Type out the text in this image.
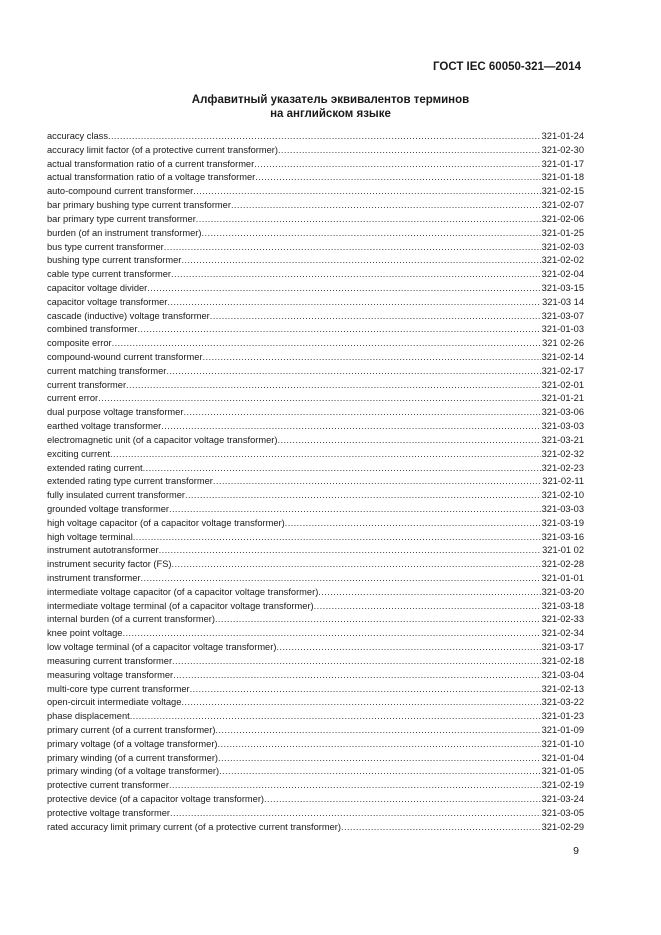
ГОСТ IEC 60050-321—2014
Алфавитный указатель эквивалентов терминов
на английском языке
accuracy class .....	321-01-24
accuracy limit factor (of a protective current transformer) .....	321-02-30
actual transformation ratio of a current transformer .....	321-01-17
actual transformation ratio of a voltage transformer .....	321-01-18
auto-compound current transformer .....	321-02-15
bar primary bushing type current transformer .....	321-02-07
bar primary type current transformer .....	321-02-06
burden (of an instrument transformer) .....	321-01-25
bus type current transformer .....	321-02-03
bushing type current transformer .....	321-02-02
cable type current transformer .....	321-02-04
capacitor voltage divider .....	321-03-15
capacitor voltage transformer .....	321-03 14
cascade (inductive) voltage transformer .....	321-03-07
combined transformer .....	321-01-03
composite error .....	321 02-26
compound-wound current transformer .....	321-02-14
current matching transformer .....	321-02-17
current transformer .....	321-02-01
current error .....	321-01-21
dual purpose voltage transformer .....	321-03-06
earthed voltage transformer .....	321-03-03
electromagnetic unit (of a capacitor voltage transformer) .....	321-03-21
exciting current .....	321-02-32
extended rating current .....	321-02-23
extended rating type current transformer .....	321-02-11
fully insulated current transformer .....	321-02-10
grounded voltage transformer .....	321-03-03
high voltage capacitor (of a capacitor voltage transformer) .....	321-03-19
high voltage terminal .....	321-03-16
instrument autotransformer .....	321-01 02
instrument security factor (FS) .....	321-02-28
instrument transformer .....	321-01-01
intermediate voltage capacitor (of a capacitor voltage transformer) .....	321-03-20
intermediate voltage terminal (of a capacitor voltage transformer) .....	321-03-18
internal burden (of a current transformer) .....	321-02-33
knee point voltage .....	321-02-34
low voltage terminal (of a capacitor voltage transformer) .....	321-03-17
measuring current transformer .....	321-02-18
measuring voltage transformer .....	321-03-04
multi-core type current transformer .....	321-02-13
open-circuit intermediate voltage .....	321-03-22
phase displacement .....	321-01-23
primary current (of a current transformer) .....	321-01-09
primary voltage (of a voltage transformer) .....	321-01-10
primary winding (of a current transformer) .....	321-01-04
primary winding (of a voltage transformer) .....	321-01-05
protective current transformer .....	321-02-19
protective device (of a capacitor voltage transformer) .....	321-03-24
protective voltage transformer .....	321-03-05
rated accuracy limit primary current (of a protective current transformer) .....	321-02-29
9
